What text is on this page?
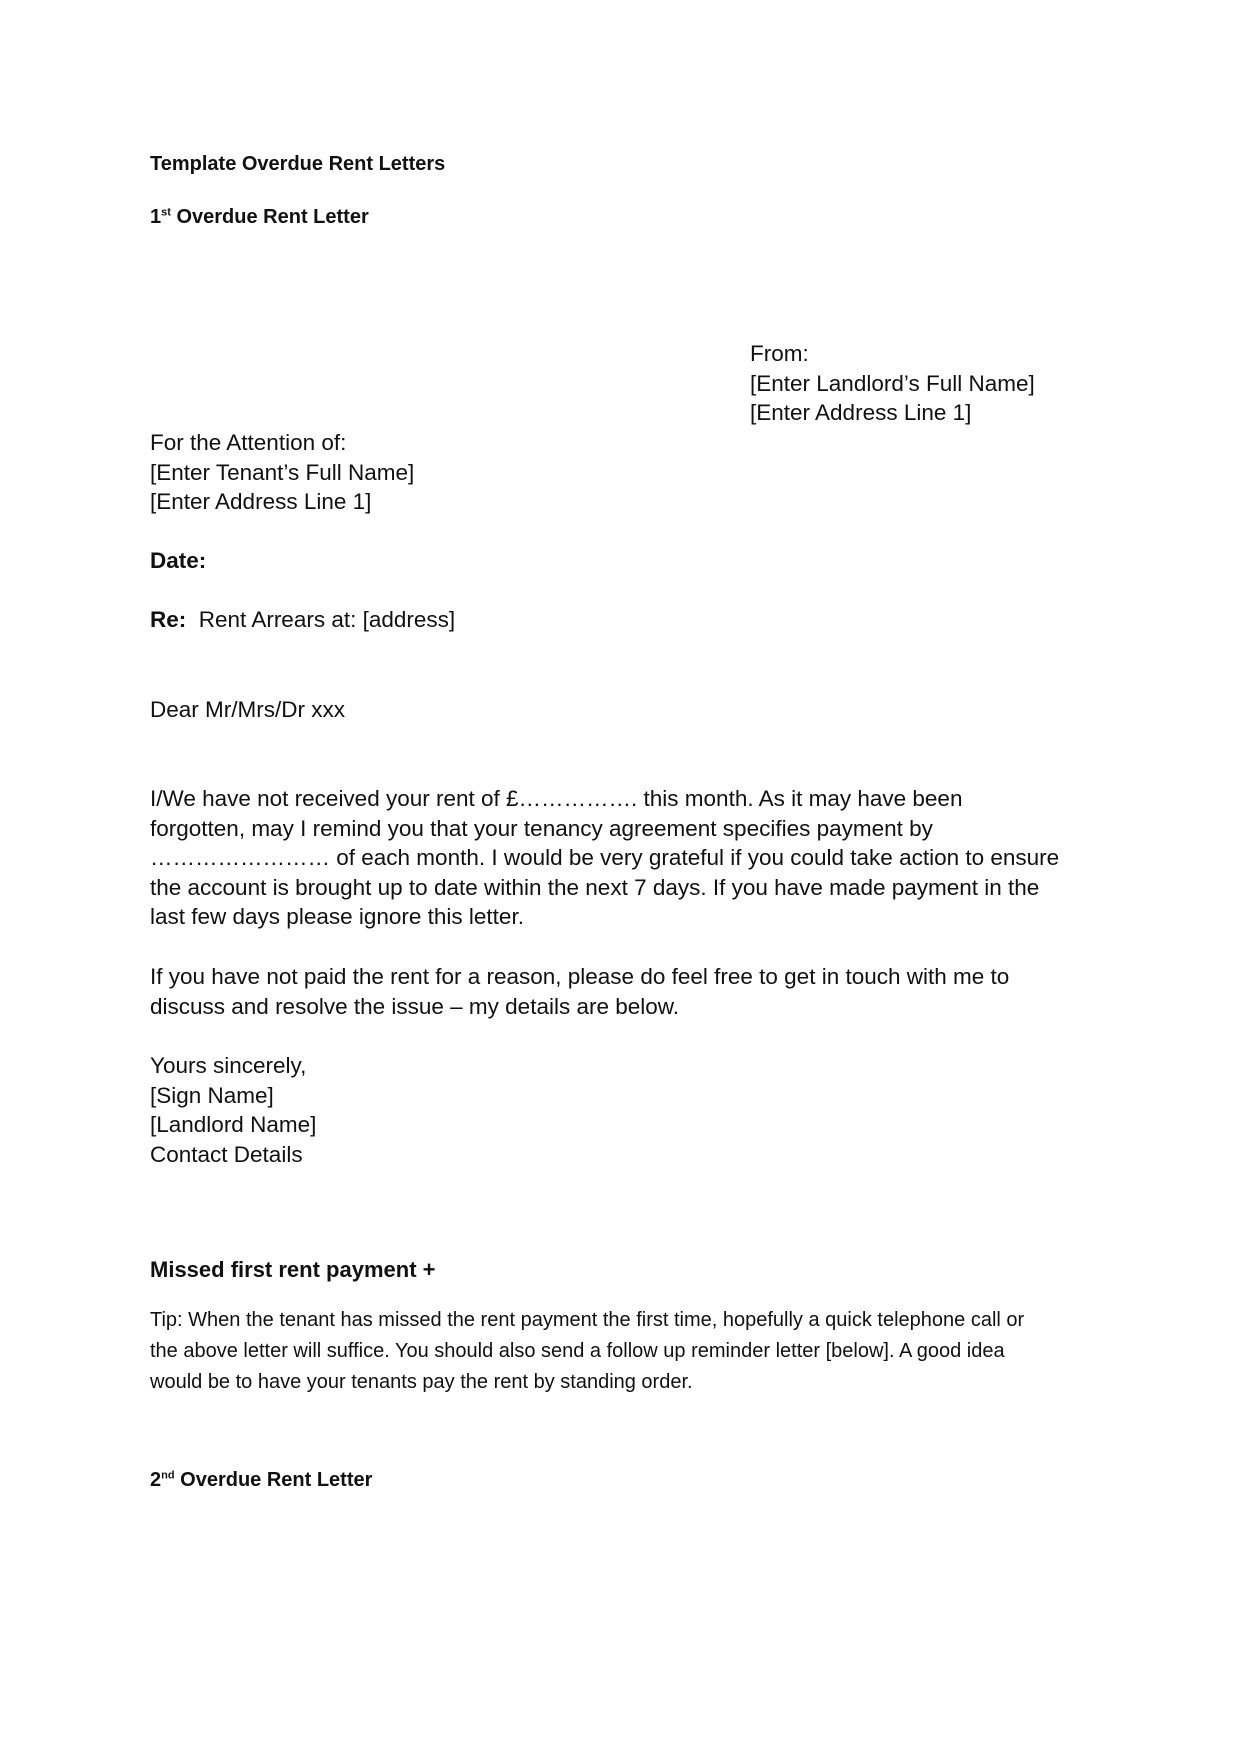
Template Overdue Rent Letters
1st Overdue Rent Letter
From:
[Enter Landlord’s Full Name]
[Enter Address Line 1]
For the Attention of:
[Enter Tenant’s Full Name]
[Enter Address Line 1]
Date:
Re: Rent Arrears at: [address]
Dear Mr/Mrs/Dr xxx
I/We have not received your rent of £……………. this month. As it may have been
forgotten, may I remind you that your tenancy agreement specifies payment by
…………………… of each month. I would be very grateful if you could take action to ensure
the account is brought up to date within the next 7 days. If you have made payment in the
last few days please ignore this letter.
If you have not paid the rent for a reason, please do feel free to get in touch with me to
discuss and resolve the issue – my details are below.
Yours sincerely,
[Sign Name]
[Landlord Name]
Contact Details
Missed first rent payment +
Tip: When the tenant has missed the rent payment the first time, hopefully a quick telephone call or
the above letter will suffice. You should also send a follow up reminder letter [below]. A good idea
would be to have your tenants pay the rent by standing order.
2nd Overdue Rent Letter
